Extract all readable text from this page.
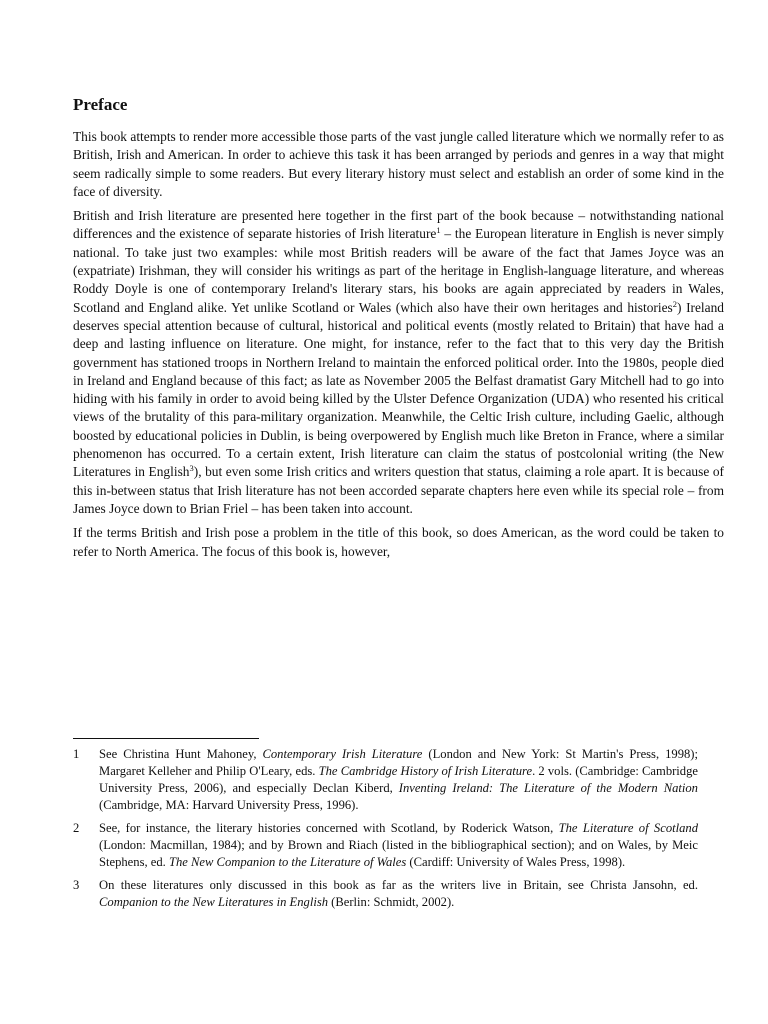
Preface

This book attempts to render more accessible those parts of the vast jungle called literature which we normally refer to as British, Irish and American. In order to achieve this task it has been arranged by periods and genres in a way that might seem radically simple to some readers. But every literary history must select and establish an order of some kind in the face of diversity.

British and Irish literature are presented here together in the first part of the book because – notwithstanding national differences and the existence of separate histories of Irish literature$^1$ – the European literature in English is never simply national. To take just two examples: while most British readers will be aware of the fact that James Joyce was an (expatriate) Irishman, they will consider his writings as part of the heritage in English-language literature, and whereas Roddy Doyle is one of contemporary Ireland's literary stars, his books are again appreciated by readers in Wales, Scotland and England alike. Yet unlike Scotland or Wales (which also have their own heritages and histories$^2$) Ireland deserves special attention because of cultural, historical and political events (mostly related to Britain) that have had a deep and lasting influence on literature. One might, for instance, refer to the fact that to this very day the British government has stationed troops in Northern Ireland to maintain the enforced political order. Into the 1980s, people died in Ireland and England because of this fact; as late as November 2005 the Belfast dramatist Gary Mitchell had to go into hiding with his family in order to avoid being killed by the Ulster Defence Organization (UDA) who resented his critical views of the brutality of this para-military organization. Meanwhile, the Celtic Irish culture, including Gaelic, although boosted by educational policies in Dublin, is being overpowered by English much like Breton in France, where a similar phenomenon has occurred. To a certain extent, Irish literature can claim the status of postcolonial writing (the New Literatures in English$^3$), but even some Irish critics and writers question that status, claiming a role apart. It is because of this in-between status that Irish literature has not been accorded separate chapters here even while its special role – from James Joyce down to Brian Friel – has been taken into account.

If the terms British and Irish pose a problem in the title of this book, so does American, as the word could be taken to refer to North America. The focus of this book is, however,

1	See Christina Hunt Mahoney, Contemporary Irish Literature (London and New York: St Martin's Press, 1998); Margaret Kelleher and Philip O'Leary, eds. The Cambridge History of Irish Literature. 2 vols. (Cambridge: Cambridge University Press, 2006), and especially Declan Kiberd, Inventing Ireland: The Literature of the Modern Nation (Cambridge, MA: Harvard University Press, 1996).
2	See, for instance, the literary histories concerned with Scotland, by Roderick Watson, The Literature of Scotland (London: Macmillan, 1984); and by Brown and Riach (listed in the bibliographical section); and on Wales, by Meic Stephens, ed. The New Companion to the Literature of Wales (Cardiff: University of Wales Press, 1998).
3	On these literatures only discussed in this book as far as the writers live in Britain, see Christa Jansohn, ed. Companion to the New Literatures in English (Berlin: Schmidt, 2002).
